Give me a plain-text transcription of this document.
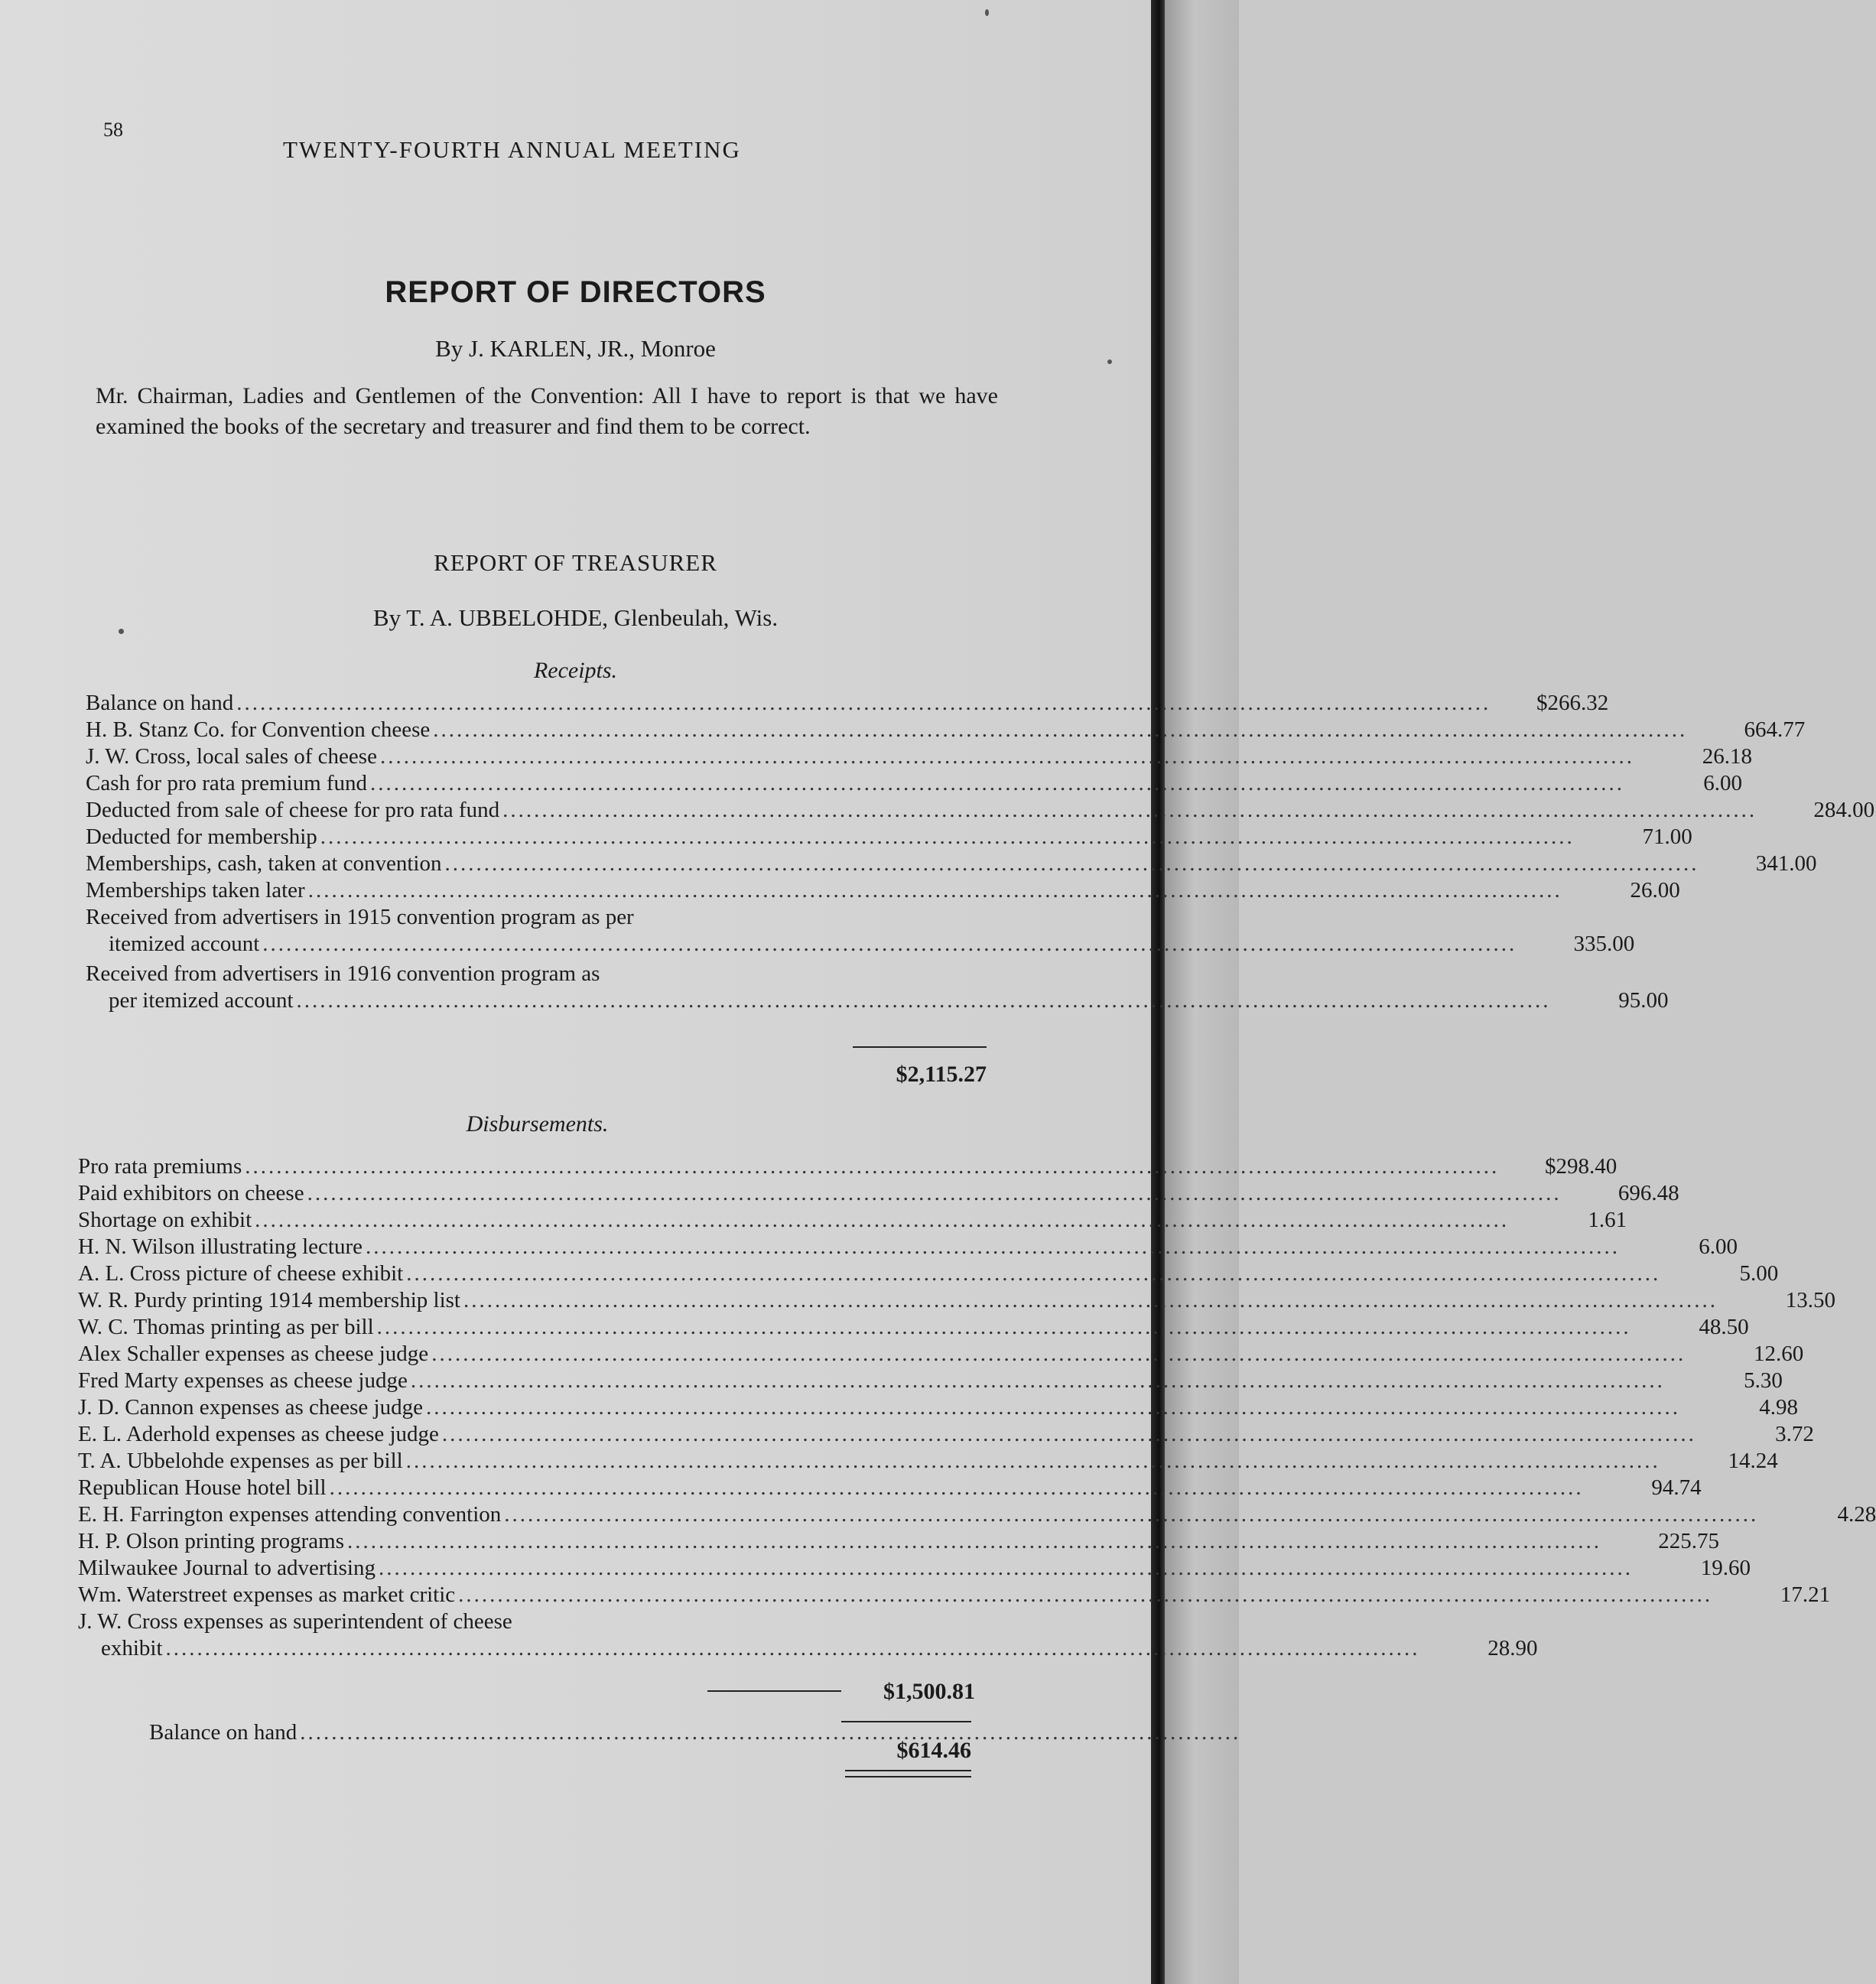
58
TWENTY-FOURTH ANNUAL MEETING
REPORT OF DIRECTORS
By J. KARLEN, JR., Monroe
Mr. Chairman, Ladies and Gentlemen of the Convention: All I have to report is that we have examined the books of the secretary and treasurer and find them to be correct.
REPORT OF TREASURER
By T. A. UBBELOHDE, Glenbeulah, Wis.
Receipts.
Balance on hand ................................................................................................................................................................	$266.32
H. B. Stanz Co. for Convention cheese ................................................................................................................................................................	664.77
J. W. Cross, local sales of cheese ................................................................................................................................................................	26.18
Cash for pro rata premium fund ................................................................................................................................................................	6.00
Deducted from sale of cheese for pro rata fund ................................................................................................................................................................	284.00
Deducted for membership ................................................................................................................................................................	71.00
Memberships, cash, taken at convention ................................................................................................................................................................	341.00
Memberships taken later ................................................................................................................................................................	26.00
Received from advertisers in 1915 convention program as per
itemized account ................................................................................................................................................................	335.00
Received from advertisers in 1916 convention program as
per itemized account ................................................................................................................................................................	95.00
$2,115.27
Disbursements.
Pro rata premiums ................................................................................................................................................................	$298.40
Paid exhibitors on cheese ................................................................................................................................................................	696.48
Shortage on exhibit ................................................................................................................................................................	1.61
H. N. Wilson illustrating lecture ................................................................................................................................................................	6.00
A. L. Cross picture of cheese exhibit ................................................................................................................................................................	5.00
W. R. Purdy printing 1914 membership list ................................................................................................................................................................	13.50
W. C. Thomas printing as per bill ................................................................................................................................................................	48.50
Alex Schaller expenses as cheese judge ................................................................................................................................................................	12.60
Fred Marty expenses as cheese judge ................................................................................................................................................................	5.30
J. D. Cannon expenses as cheese judge ................................................................................................................................................................	4.98
E. L. Aderhold expenses as cheese judge ................................................................................................................................................................	3.72
T. A. Ubbelohde expenses as per bill ................................................................................................................................................................	14.24
Republican House hotel bill ................................................................................................................................................................	94.74
E. H. Farrington expenses attending convention ................................................................................................................................................................	4.28
H. P. Olson printing programs ................................................................................................................................................................	225.75
Milwaukee Journal to advertising ................................................................................................................................................................	19.60
Wm. Waterstreet expenses as market critic ................................................................................................................................................................	17.21
J. W. Cross expenses as superintendent of cheese
exhibit ................................................................................................................................................................	28.90
$1,500.81
Balance on hand ........................................................................................................................
$614.46
